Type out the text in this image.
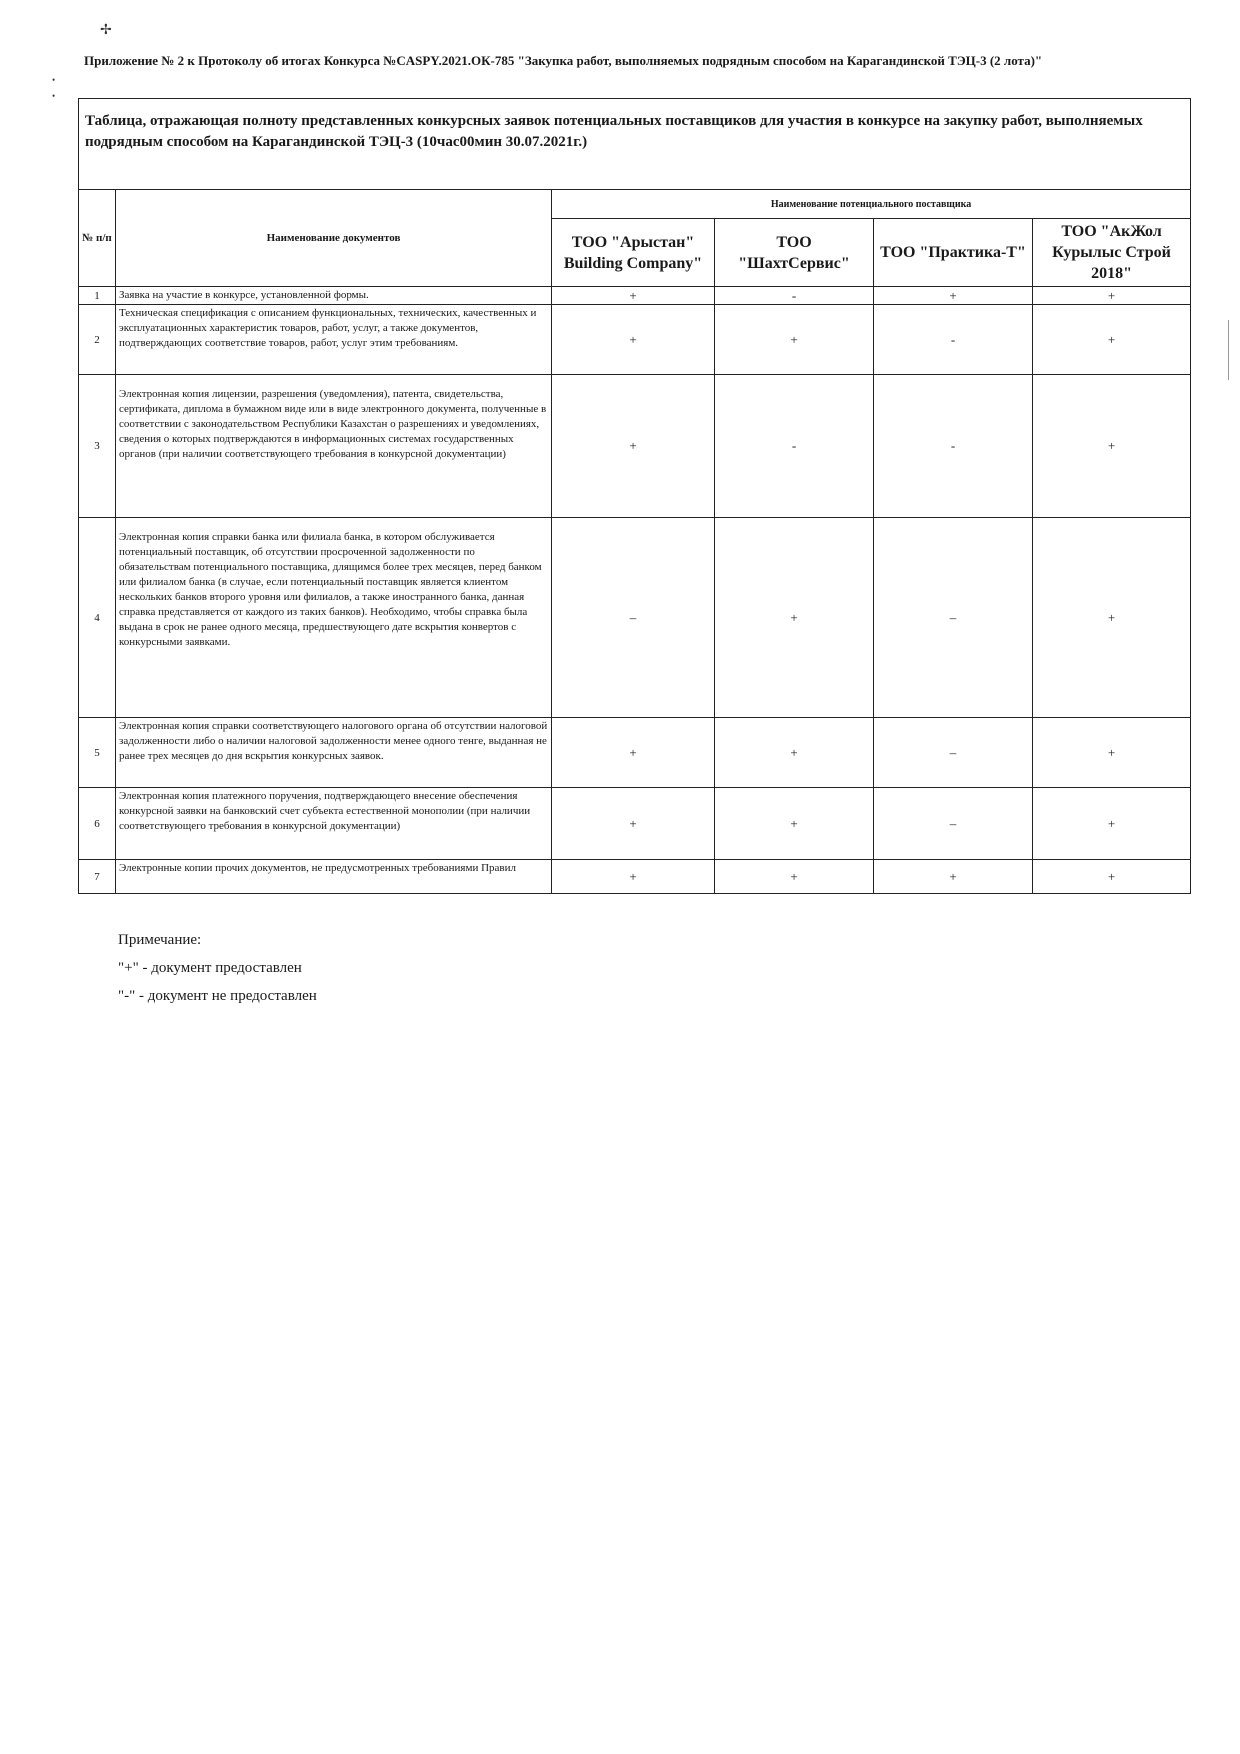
✢
•
•
Приложение № 2 к Протоколу об итогах Конкурса №CASPY.2021.ОК-785 "Закупка работ, выполняемых подрядным способом на Карагандинской ТЭЦ-3 (2 лота)"
Таблица, отражающая полноту представленных конкурсных заявок потенциальных поставщиков для участия в конкурсе на закупку работ, выполняемых подрядным способом на Карагандинской ТЭЦ-3 (10час00мин 30.07.2021г.)					
№ п/п	Наименование документов	Наименование потенциального поставщика			
		ТОО "Арыстан" Building Company"	ТОО "ШахтСервис"	ТОО "Практика-Т"	ТОО "АкЖол Курылыс Строй 2018"
1	Заявка на участие в конкурсе, установленной формы.	+	-	+	+
2	Техническая спецификация с описанием функциональных, технических, качественных и эксплуатационных характеристик товаров, работ, услуг, а также документов, подтверждающих соответствие товаров, работ, услуг этим требованиям.	+	+	-	+
3	Электронная копия лицензии, разрешения (уведомления), патента, свидетельства, сертификата, диплома в бумажном виде или в виде электронного документа, полученные в соответствии с законодательством Республики Казахстан о разрешениях и уведомлениях, сведения о которых подтверждаются в информационных системах государственных органов (при наличии соответствующего требования в конкурсной документации)	+	-	-	+
4	Электронная копия справки банка или филиала банка, в котором обслуживается потенциальный поставщик, об отсутствии просроченной задолженности по обязательствам потенциального поставщика, длящимся более трех месяцев, перед банком или филиалом банка (в случае, если потенциальный поставщик является клиентом нескольких банков второго уровня или филиалов, а также иностранного банка, данная справка представляется от каждого из таких банков). Необходимо, чтобы справка была выдана в срок не ранее одного месяца, предшествующего дате вскрытия конвертов с конкурсными заявками.	–	+	–	+
5	Электронная копия справки соответствующего налогового органа об отсутствии налоговой задолженности либо о наличии налоговой задолженности менее одного тенге, выданная не ранее трех месяцев до дня вскрытия конкурсных заявок.	+	+	–	+
6	Электронная копия платежного поручения, подтверждающего внесение обеспечения конкурсной заявки на банковский счет субъекта естественной монополии (при наличии соответствующего требования в конкурсной документации)	+	+	–	+
7	Электронные копии прочих документов, не предусмотренных требованиями Правил	+	+	+	+
Примечание:
"+" - документ предоставлен
"-" - документ не предоставлен
